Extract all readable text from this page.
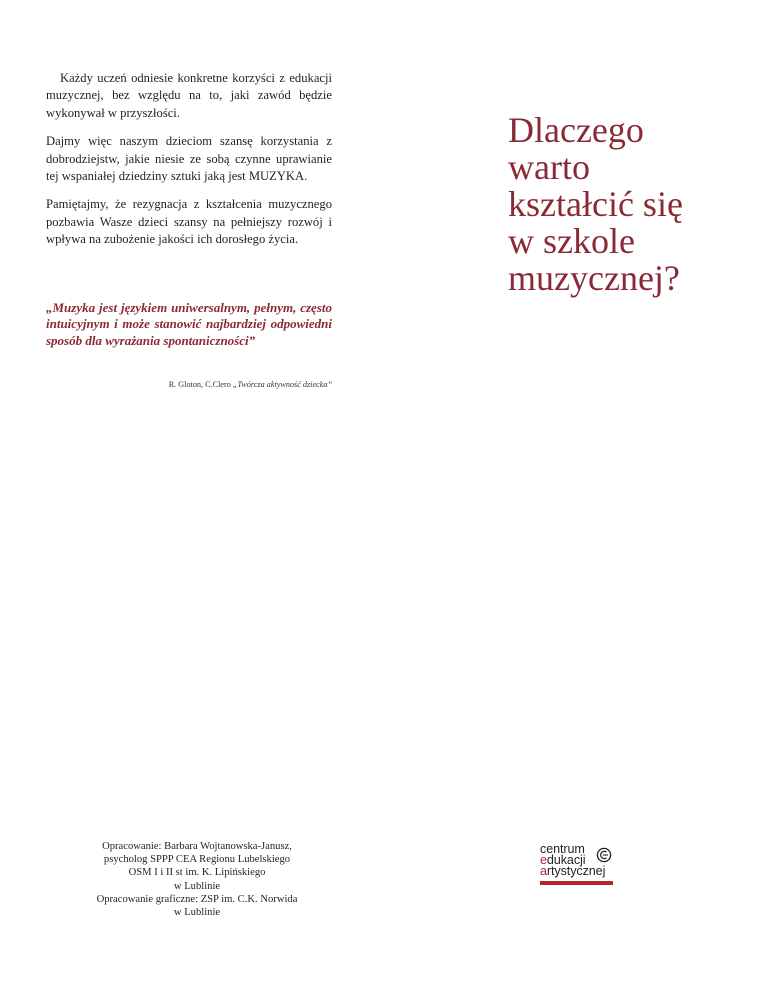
Każdy uczeń odniesie konkretne korzyści z edukacji muzycznej, bez względu na to, jaki zawód będzie wykonywał w przyszłości.

Dajmy więc naszym dzieciom szansę korzystania z dobrodziejstw, jakie niesie ze sobą czynne uprawianie tej wspaniałej dziedziny sztuki jaką jest MUZYKA.

Pamiętajmy, że rezygnacja z kształcenia muzycznego pozbawia Wasze dzieci szansy na pełniejszy rozwój i wpływa na zubożenie jakości ich dorosłego życia.

„Muzyka jest językiem uniwersalnym, pełnym, często intuicyjnym i może stanowić najbardziej odpowiedni sposób dla wyrażania spontaniczności”
R. Gloton, C.Clero „Twórcza aktywność dziecka”
Dlaczego
warto
kształcić się
w szkole
muzycznej?
Opracowanie: Barbara Wojtanowska-Janusz,
psycholog SPPP CEA Regionu Lubelskiego
OSM I i II st im. K. Lipińskiego
w Lublinie
Opracowanie graficzne: ZSP im. C.K. Norwida
w Lublinie
centrum
edukacji
artystycznej
